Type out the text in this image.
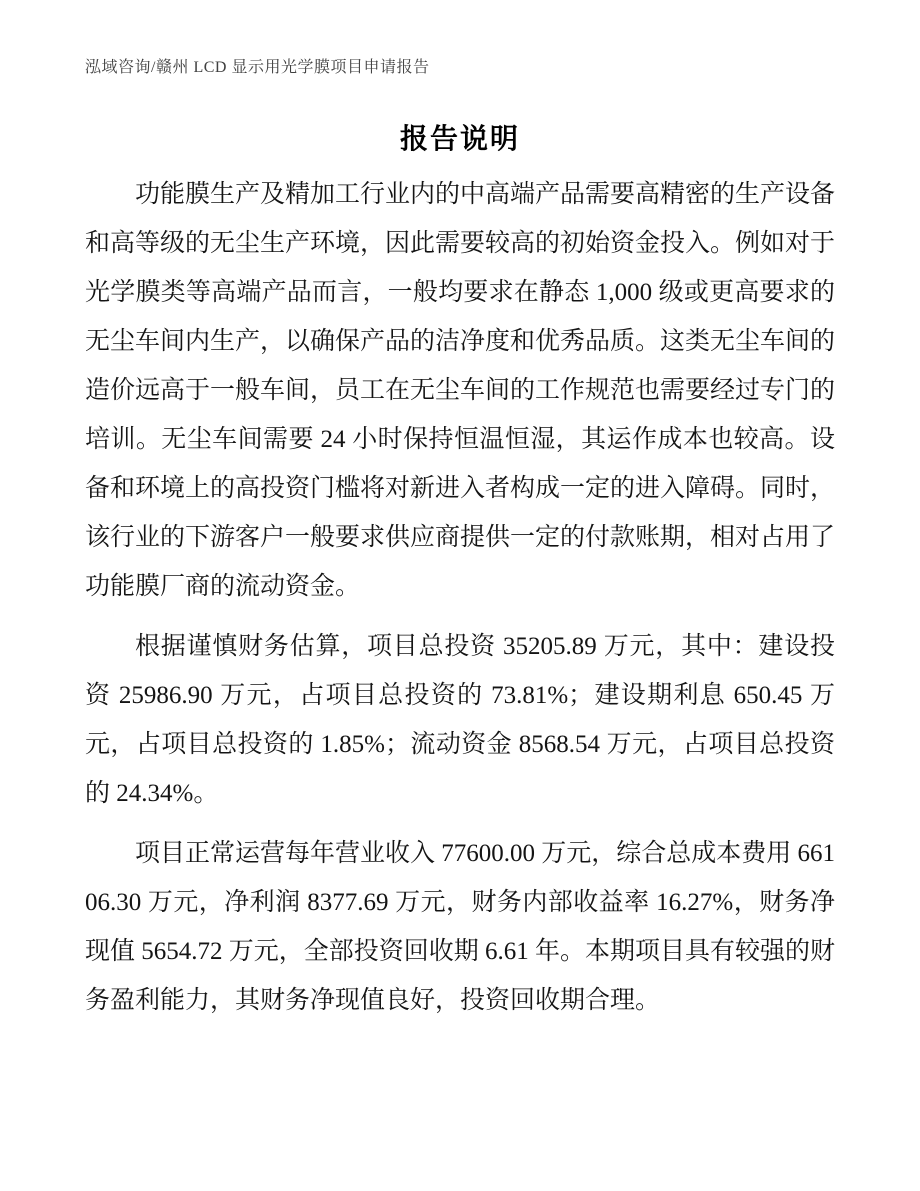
泓域咨询/赣州 LCD 显示用光学膜项目申请报告
报告说明

功能膜生产及精加工行业内的中高端产品需要高精密的生产设备和高等级的无尘生产环境，因此需要较高的初始资金投入。例如对于光学膜类等高端产品而言，一般均要求在静态 1,000 级或更高要求的无尘车间内生产，以确保产品的洁净度和优秀品质。这类无尘车间的造价远高于一般车间，员工在无尘车间的工作规范也需要经过专门的培训。无尘车间需要 24 小时保持恒温恒湿，其运作成本也较高。设备和环境上的高投资门槛将对新进入者构成一定的进入障碍。同时，该行业的下游客户一般要求供应商提供一定的付款账期，相对占用了功能膜厂商的流动资金。

根据谨慎财务估算，项目总投资 35205.89 万元，其中：建设投资 25986.90 万元，占项目总投资的 73.81%；建设期利息 650.45 万元，占项目总投资的 1.85%；流动资金 8568.54 万元，占项目总投资的 24.34%。

项目正常运营每年营业收入 77600.00 万元，综合总成本费用 66106.30 万元，净利润 8377.69 万元，财务内部收益率 16.27%，财务净现值 5654.72 万元，全部投资回收期 6.61 年。本期项目具有较强的财务盈利能力，其财务净现值良好，投资回收期合理。
